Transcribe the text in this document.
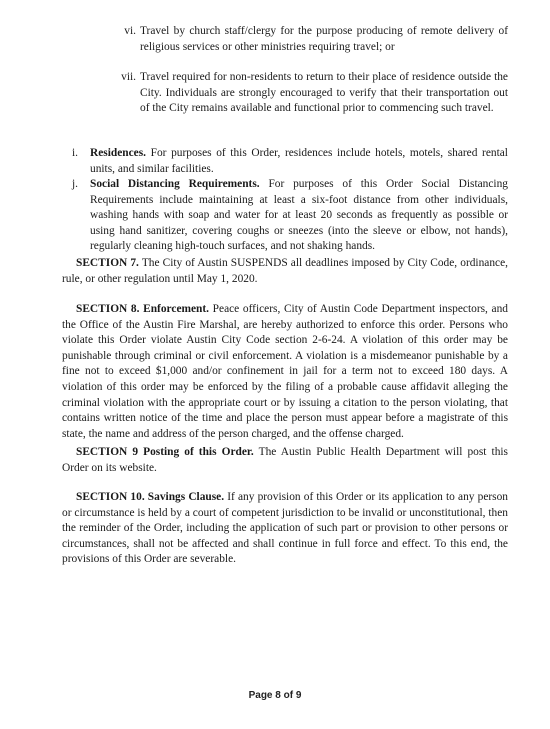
vi. Travel by church staff/clergy for the purpose producing of remote delivery of religious services or other ministries requiring travel; or
vii. Travel required for non-residents to return to their place of residence outside the City. Individuals are strongly encouraged to verify that their transportation out of the City remains available and functional prior to commencing such travel.
i. Residences. For purposes of this Order, residences include hotels, motels, shared rental units, and similar facilities.
j. Social Distancing Requirements. For purposes of this Order Social Distancing Requirements include maintaining at least a six-foot distance from other individuals, washing hands with soap and water for at least 20 seconds as frequently as possible or using hand sanitizer, covering coughs or sneezes (into the sleeve or elbow, not hands), regularly cleaning high-touch surfaces, and not shaking hands.
SECTION 7. The City of Austin SUSPENDS all deadlines imposed by City Code, ordinance, rule, or other regulation until May 1, 2020.
SECTION 8. Enforcement. Peace officers, City of Austin Code Department inspectors, and the Office of the Austin Fire Marshal, are hereby authorized to enforce this order. Persons who violate this Order violate Austin City Code section 2-6-24. A violation of this order may be punishable through criminal or civil enforcement. A violation is a misdemeanor punishable by a fine not to exceed $1,000 and/or confinement in jail for a term not to exceed 180 days. A violation of this order may be enforced by the filing of a probable cause affidavit alleging the criminal violation with the appropriate court or by issuing a citation to the person violating, that contains written notice of the time and place the person must appear before a magistrate of this state, the name and address of the person charged, and the offense charged.
SECTION 9 Posting of this Order. The Austin Public Health Department will post this Order on its website.
SECTION 10. Savings Clause. If any provision of this Order or its application to any person or circumstance is held by a court of competent jurisdiction to be invalid or unconstitutional, then the reminder of the Order, including the application of such part or provision to other persons or circumstances, shall not be affected and shall continue in full force and effect. To this end, the provisions of this Order are severable.
Page 8 of 9
